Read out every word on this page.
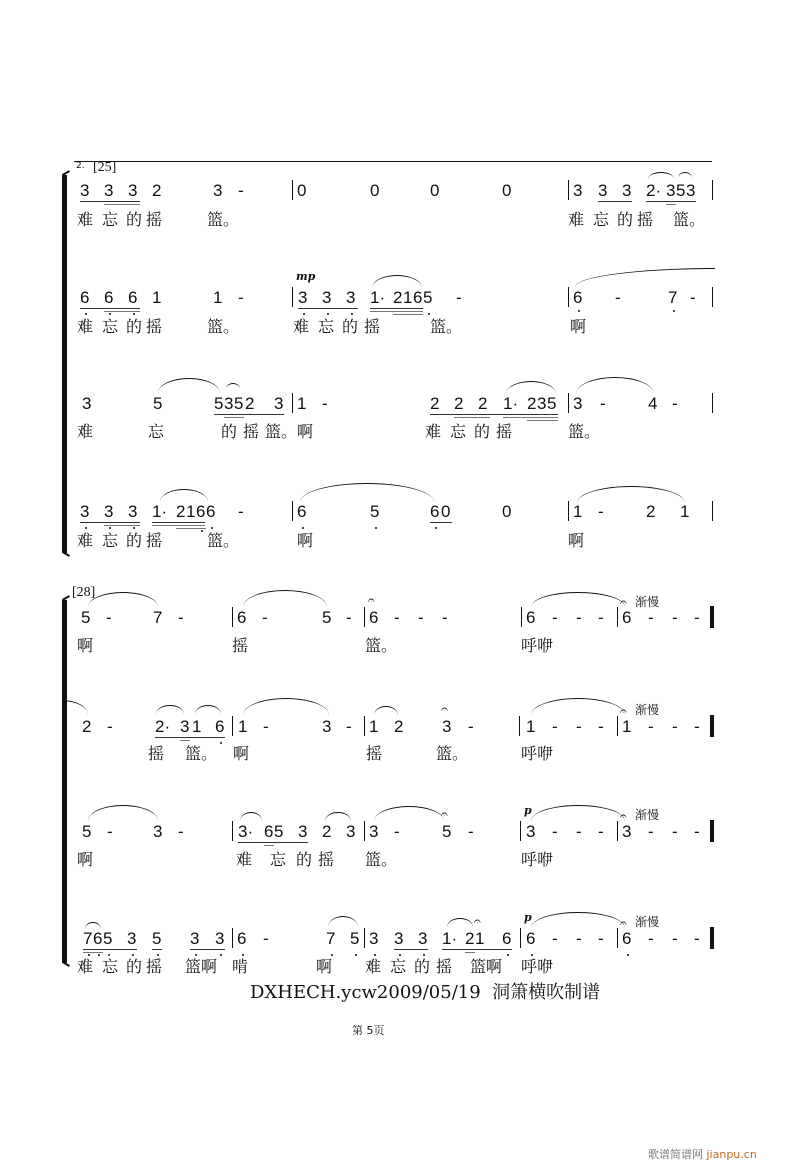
2. [25]
3 3 3 2	3 -	0	0	0	0	3 3 3 2· 3 5 3
难 忘 的 摇	篮。	难 忘 的 摇 篮。
6 6 6 1	1 -
mp
3 3 3 1· 2 1 6 5 -
难 忘 的 摇	篮。	难 忘 的 摇	篮。
6 -	7 -
啊
3	5	5 3 5 2 3 1 -	2 2 2 1· 2 3 5 3 - 4 -
难	忘	的 摇 篮。啊	难 忘 的 摇	篮。
3 3 3 1· 2 1 6 6 -	6	5	6 0	0	1 - 2 1
难 忘 的 摇	篮。	啊	啊
[28]
5 - 7 -	6 -	5 -
𝄐
6 - - -	6 - - -
𝄐 渐慢
6 - - -
啊	摇	篮。	呼咿
2 - 2· 3 1 6 1 -	3 - 1 2
𝄐
3 -	1 - - -
𝄐 渐慢
1 - - -
摇 篮。 啊	摇	篮。	呼咿
5 - 3 -	3· 6 5 3 2 3 3 -
𝄐
5 -
p
3 - - -
𝄐 渐慢
3 - - -
啊	难 忘 的 摇 篮。	呼咿
7 6 5 3 5 3 3 6 -	7 5 3 3 3 1· 2
𝄐
1 6
p
6 - - -
𝄐 渐慢
6 - - -
难 忘 的 摇 篮啊 啃	啊 难 忘 的 摇 篮啊 呼咿
DXHECH.ycw2009/05/19  洞箫横吹制谱
第 5页
歌谱简谱网 jianpu.cn
